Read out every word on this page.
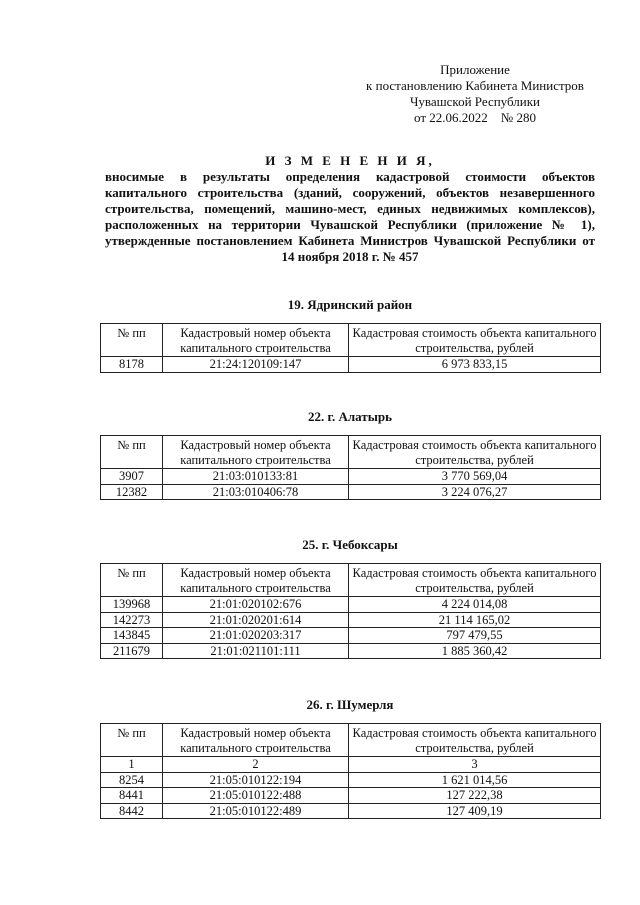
Приложение
к постановлению Кабинета Министров
Чувашской Республики
от 22.06.2022    № 280
И З М Е Н Е Н И Я,
вносимые в результаты определения кадастровой стоимости объектов капитального строительства (зданий, сооружений, объектов незавершенного строительства, помещений, машино-мест, единых недвижимых комплексов), расположенных на территории Чувашской Республики (приложение № 1), утвержденные постановлением Кабинета Министров Чувашской Республики от 14 ноября 2018 г. № 457
19. Ядринский район
№ пп	Кадастровый номер объекта капитального строительства	Кадастровая стоимость объекта капитального строительства, рублей
8178	21:24:120109:147	6 973 833,15
22. г. Алатырь
№ пп	Кадастровый номер объекта капитального строительства	Кадастровая стоимость объекта капитального строительства, рублей
3907	21:03:010133:81	3 770 569,04
12382	21:03:010406:78	3 224 076,27
25. г. Чебоксары
№ пп	Кадастровый номер объекта капитального строительства	Кадастровая стоимость объекта капитального строительства, рублей
139968	21:01:020102:676	4 224 014,08
142273	21:01:020201:614	21 114 165,02
143845	21:01:020203:317	797 479,55
211679	21:01:021101:111	1 885 360,42
26. г. Шумерля
№ пп	Кадастровый номер объекта капитального строительства	Кадастровая стоимость объекта капитального строительства, рублей
1	2	3
8254	21:05:010122:194	1 621 014,56
8441	21:05:010122:488	127 222,38
8442	21:05:010122:489	127 409,19
